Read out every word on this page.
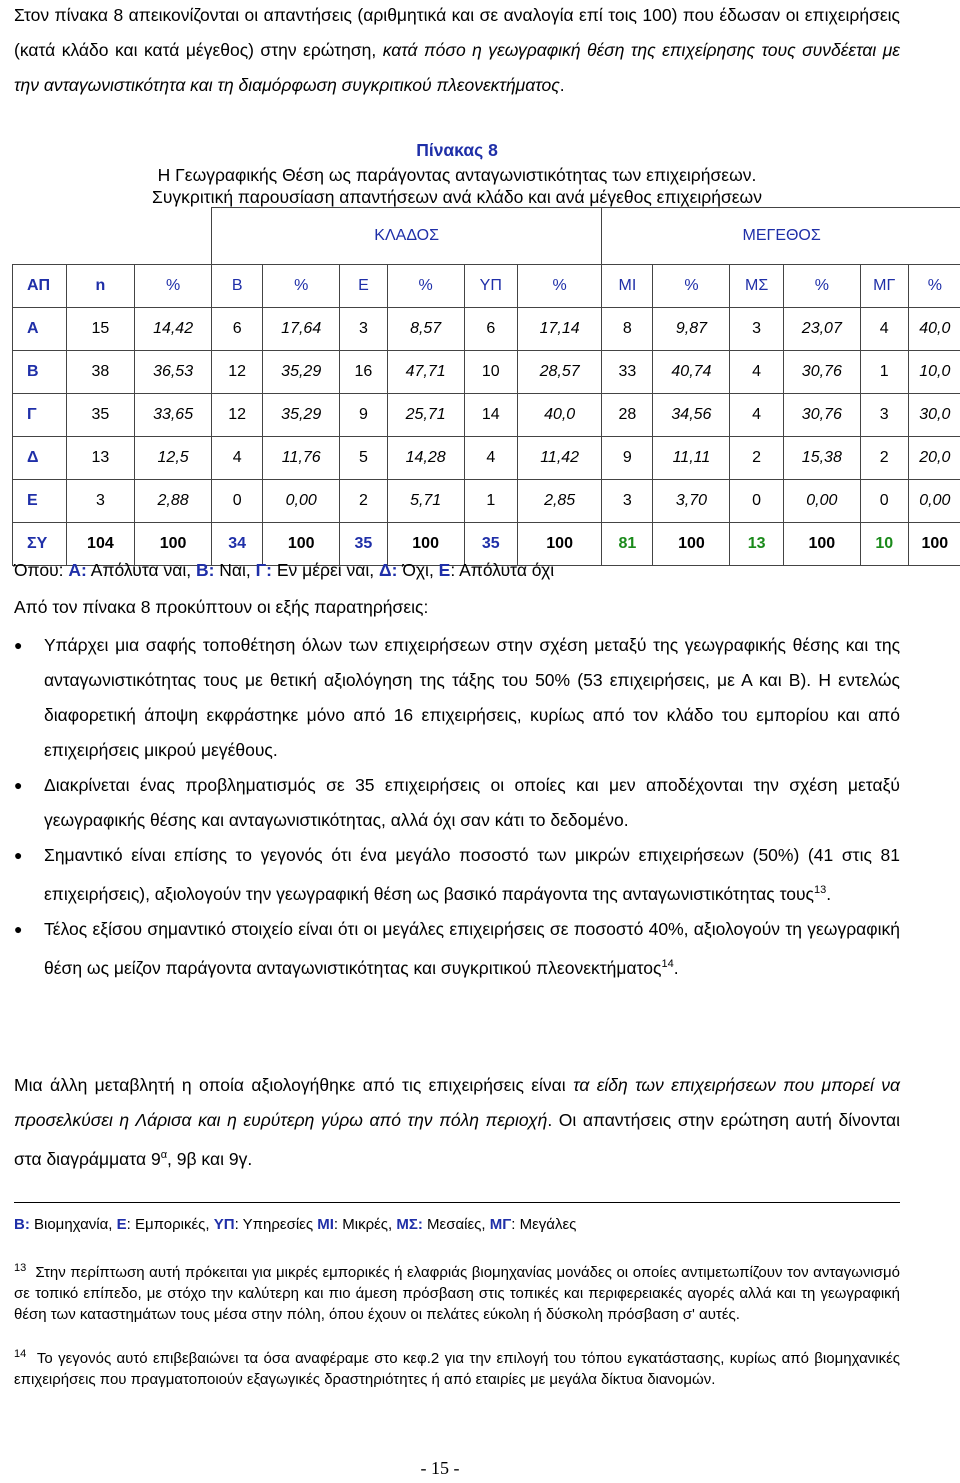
Στον πίνακα 8 απεικονίζονται οι απαντήσεις (αριθμητικά και σε αναλογία επί τοις 100) που έδωσαν οι επιχειρήσεις (κατά κλάδο και κατά μέγεθος) στην ερώτηση, κατά πόσο η γεωγραφική θέση της επιχείρησης τους συνδέεται με την ανταγωνιστικότητα και τη διαμόρφωση συγκριτικού πλεονεκτήματος.
Πίνακας 8
Η Γεωγραφικής Θέση ως παράγοντας ανταγωνιστικότητας των επιχειρήσεων.
Συγκριτική παρουσίαση απαντήσεων ανά κλάδο και ανά μέγεθος επιχειρήσεων
			ΚΛΑΔΟΣ						ΜΕΓΕΘΟΣ					
ΑΠ	n	%	Β	%	Ε	%	ΥΠ	%	ΜΙ	%	ΜΣ	%	ΜΓ	%
Α	15	14,42	6	17,64	3	8,57	6	17,14	8	9,87	3	23,07	4	40,0
Β	38	36,53	12	35,29	16	47,71	10	28,57	33	40,74	4	30,76	1	10,0
Γ	35	33,65	12	35,29	9	25,71	14	40,0	28	34,56	4	30,76	3	30,0
Δ	13	12,5	4	11,76	5	14,28	4	11,42	9	11,11	2	15,38	2	20,0
Ε	3	2,88	0	0,00	2	5,71	1	2,85	3	3,70	0	0,00	0	0,00
ΣΥ	104	100	34	100	35	100	35	100	81	100	13	100	10	100
Όπου: Α: Απόλυτα ναι, Β: Ναι, Γ: Εν μέρει ναι, Δ: Όχι, Ε: Απόλυτα όχι
Από τον πίνακα 8 προκύπτουν οι εξής παρατηρήσεις:
● Υπάρχει μια σαφής τοποθέτηση όλων των επιχειρήσεων στην σχέση μεταξύ της γεωγραφικής θέσης και της ανταγωνιστικότητας τους με θετική αξιολόγηση της τάξης του 50% (53 επιχειρήσεις, με Α και Β). Η εντελώς διαφορετική άποψη εκφράστηκε μόνο από 16 επιχειρήσεις, κυρίως από τον κλάδο του εμπορίου και από επιχειρήσεις μικρού μεγέθους.
● Διακρίνεται ένας προβληματισμός σε 35 επιχειρήσεις οι οποίες και μεν αποδέχονται την σχέση μεταξύ γεωγραφικής θέσης και ανταγωνιστικότητας, αλλά όχι σαν κάτι το δεδομένο.
● Σημαντικό είναι επίσης το γεγονός ότι ένα μεγάλο ποσοστό των μικρών επιχειρήσεων (50%) (41 στις 81 επιχειρήσεις), αξιολογούν την γεωγραφική θέση ως βασικό παράγοντα της ανταγωνιστικότητας τους$^{13}$.
● Τέλος εξίσου σημαντικό στοιχείο είναι ότι οι μεγάλες επιχειρήσεις σε ποσοστό 40%, αξιολογούν τη γεωγραφική θέση ως μείζον παράγοντα ανταγωνιστικότητας και συγκριτικού πλεονεκτήματος$^{14}$.
Μια άλλη μεταβλητή η οποία αξιολογήθηκε από τις επιχειρήσεις είναι τα είδη των επιχειρήσεων που μπορεί να προσελκύσει η Λάρισα και η ευρύτερη γύρω από την πόλη περιοχή. Οι απαντήσεις στην ερώτηση αυτή δίνονται στα διαγράμματα $9^\alpha$, 9β και 9γ.
Β: Βιομηχανία, Ε: Εμπορικές, ΥΠ: Υπηρεσίες ΜΙ: Μικρές, ΜΣ: Μεσαίες, ΜΓ: Μεγάλες
$^{13}$ Στην περίπτωση αυτή πρόκειται για μικρές εμπορικές ή ελαφριάς βιομηχανίας μονάδες οι οποίες αντιμετωπίζουν τον ανταγωνισμό σε τοπικό επίπεδο, με στόχο την καλύτερη και πιο άμεση πρόσβαση στις τοπικές και περιφερειακές αγορές αλλά και τη γεωγραφική θέση των καταστημάτων τους μέσα στην πόλη, όπου έχουν οι πελάτες εύκολη ή δύσκολη πρόσβαση σ' αυτές.
$^{14}$ Το γεγονός αυτό επιβεβαιώνει τα όσα αναφέραμε στο κεφ.2 για την επιλογή του τόπου εγκατάστασης, κυρίως από βιομηχανικές επιχειρήσεις που πραγματοποιούν εξαγωγικές δραστηριότητες ή από εταιρίες με μεγάλα δίκτυα διανομών.
- 15 -
